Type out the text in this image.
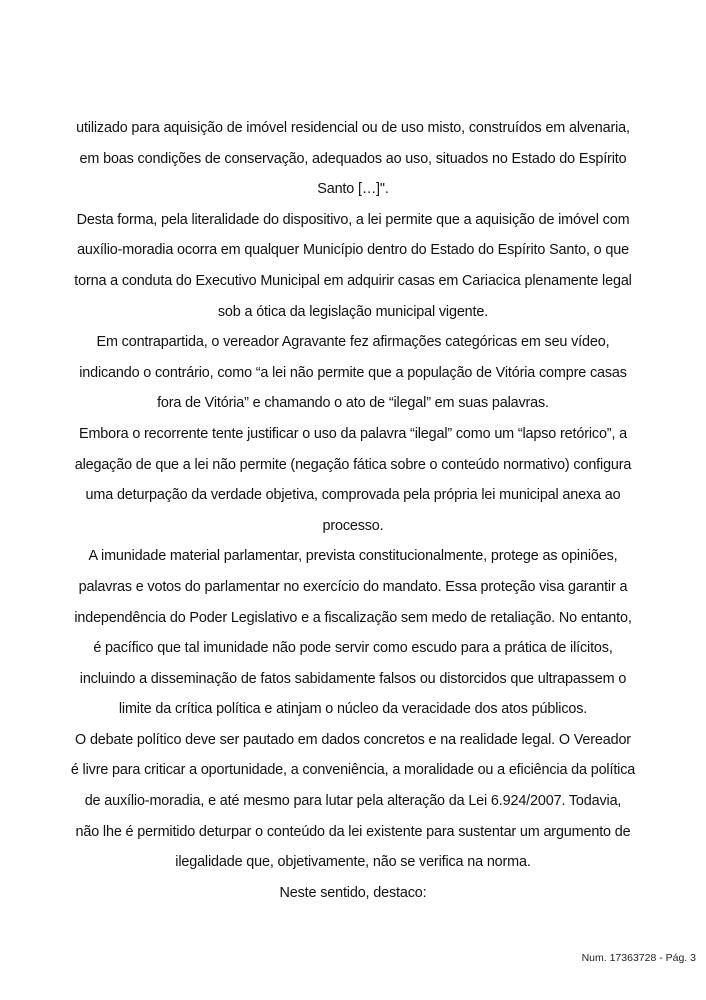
utilizado para aquisição de imóvel residencial ou de uso misto, construídos em alvenaria,
em boas condições de conservação, adequados ao uso, situados no Estado do Espírito
Santo […]".
Desta forma, pela literalidade do dispositivo, a lei permite que a aquisição de imóvel com
auxílio-moradia ocorra em qualquer Município dentro do Estado do Espírito Santo, o que
torna a conduta do Executivo Municipal em adquirir casas em Cariacica plenamente legal
sob a ótica da legislação municipal vigente.
Em contrapartida, o vereador Agravante fez afirmações categóricas em seu vídeo,
indicando o contrário, como “a lei não permite que a população de Vitória compre casas
fora de Vitória” e chamando o ato de “ilegal” em suas palavras.
Embora o recorrente tente justificar o uso da palavra “ilegal” como um “lapso retórico”, a
alegação de que a lei não permite (negação fática sobre o conteúdo normativo) configura
uma deturpação da verdade objetiva, comprovada pela própria lei municipal anexa ao
processo.
A imunidade material parlamentar, prevista constitucionalmente, protege as opiniões,
palavras e votos do parlamentar no exercício do mandato. Essa proteção visa garantir a
independência do Poder Legislativo e a fiscalização sem medo de retaliação. No entanto,
é pacífico que tal imunidade não pode servir como escudo para a prática de ilícitos,
incluindo a disseminação de fatos sabidamente falsos ou distorcidos que ultrapassem o
limite da crítica política e atinjam o núcleo da veracidade dos atos públicos.
O debate político deve ser pautado em dados concretos e na realidade legal. O Vereador
é livre para criticar a oportunidade, a conveniência, a moralidade ou a eficiência da política
de auxílio-moradia, e até mesmo para lutar pela alteração da Lei 6.924/2007. Todavia,
não lhe é permitido deturpar o conteúdo da lei existente para sustentar um argumento de
ilegalidade que, objetivamente, não se verifica na norma.
Neste sentido, destaco:
Num. 17363728 - Pág. 3
